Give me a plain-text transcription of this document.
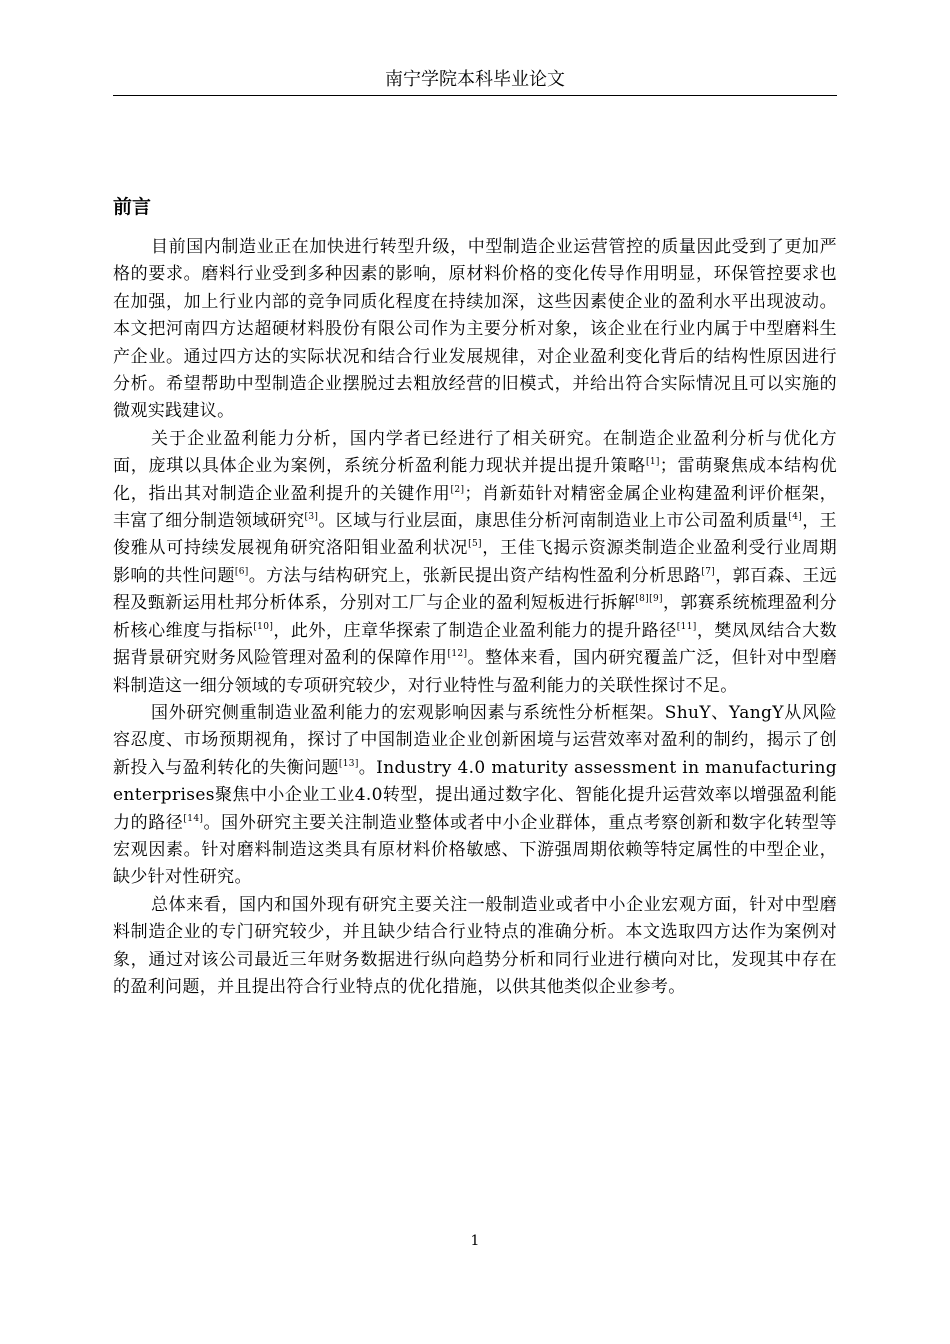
南宁学院本科毕业论文
前言

目前国内制造业正在加快进行转型升级，中型制造企业运营管控的质量因此受到了更加严格的要求。磨料行业受到多种因素的影响，原材料价格的变化传导作用明显，环保管控要求也在加强，加上行业内部的竞争同质化程度在持续加深，这些因素使企业的盈利水平出现波动。本文把河南四方达超硬材料股份有限公司作为主要分析对象，该企业在行业内属于中型磨料生产企业。通过四方达的实际状况和结合行业发展规律，对企业盈利变化背后的结构性原因进行分析。希望帮助中型制造企业摆脱过去粗放经营的旧模式，并给出符合实际情况且可以实施的微观实践建议。

关于企业盈利能力分析，国内学者已经进行了相关研究。在制造企业盈利分析与优化方面，庞琪以具体企业为案例，系统分析盈利能力现状并提出提升策略[1]；雷萌聚焦成本结构优化，指出其对制造企业盈利提升的关键作用[2]；肖新茹针对精密金属企业构建盈利评价框架，丰富了细分制造领域研究[3]。区域与行业层面，康思佳分析河南制造业上市公司盈利质量[4]，王俊雅从可持续发展视角研究洛阳钼业盈利状况[5]，王佳飞揭示资源类制造企业盈利受行业周期影响的共性问题[6]。方法与结构研究上，张新民提出资产结构性盈利分析思路[7]，郭百森、王远程及甄新运用杜邦分析体系，分别对工厂与企业的盈利短板进行拆解[8][9]，郭赛系统梳理盈利分析核心维度与指标[10]，此外，庄章华探索了制造企业盈利能力的提升路径[11]，樊凤凤结合大数据背景研究财务风险管理对盈利的保障作用[12]。整体来看，国内研究覆盖广泛，但针对中型磨料制造这一细分领域的专项研究较少，对行业特性与盈利能力的关联性探讨不足。

国外研究侧重制造业盈利能力的宏观影响因素与系统性分析框架。ShuY、YangY从风险容忍度、市场预期视角，探讨了中国制造业企业创新困境与运营效率对盈利的制约，揭示了创新投入与盈利转化的失衡问题[13]。Industry 4.0 maturity assessment in manufacturing enterprises聚焦中小企业工业4.0转型，提出通过数字化、智能化提升运营效率以增强盈利能力的路径[14]。国外研究主要关注制造业整体或者中小企业群体，重点考察创新和数字化转型等宏观因素。针对磨料制造这类具有原材料价格敏感、下游强周期依赖等特定属性的中型企业，缺少针对性研究。

总体来看，国内和国外现有研究主要关注一般制造业或者中小企业宏观方面，针对中型磨料制造企业的专门研究较少，并且缺少结合行业特点的准确分析。本文选取四方达作为案例对象，通过对该公司最近三年财务数据进行纵向趋势分析和同行业进行横向对比，发现其中存在的盈利问题，并且提出符合行业特点的优化措施，以供其他类似企业参考。

1
